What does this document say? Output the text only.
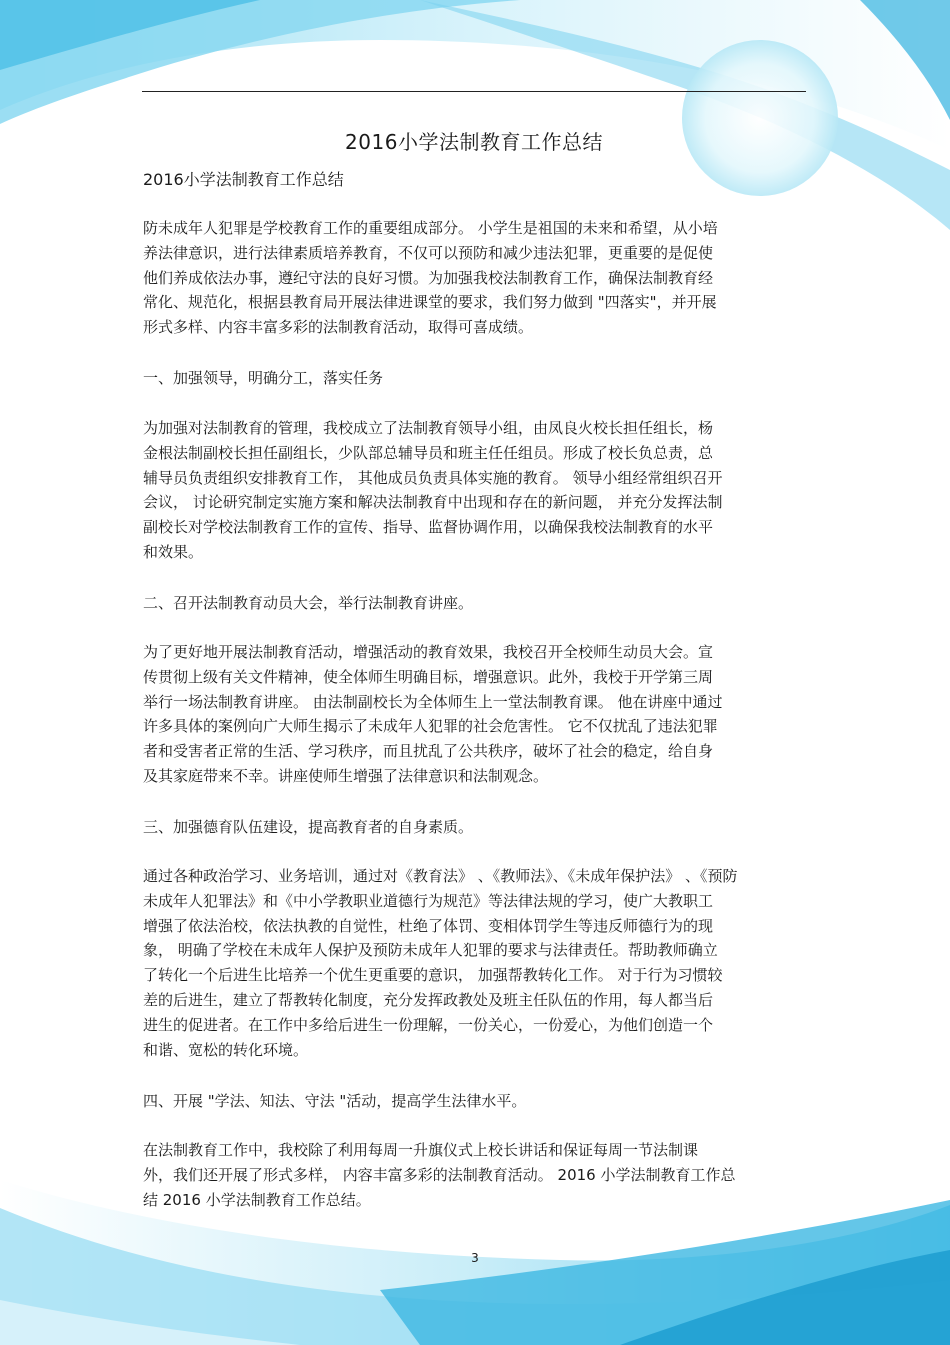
2016小学法制教育工作总结
2016小学法制教育工作总结
防未成年人犯罪是学校教育工作的重要组成部分。 小学生是祖国的未来和希望，从小培
养法律意识，进行法律素质培养教育，不仅可以预防和减少违法犯罪，更重要的是促使
他们养成依法办事，遵纪守法的良好习惯。为加强我校法制教育工作，确保法制教育经
常化、规范化，根据县教育局开展法律进课堂的要求，我们努力做到 "四落实"，并开展
形式多样、内容丰富多彩的法制教育活动，取得可喜成绩。
一、加强领导，明确分工，落实任务
为加强对法制教育的管理，我校成立了法制教育领导小组，由凤良火校长担任组长，杨
金根法制副校长担任副组长，少队部总辅导员和班主任任组员。形成了校长负总责，总
辅导员负责组织安排教育工作， 其他成员负责具体实施的教育。 领导小组经常组织召开
会议， 讨论研究制定实施方案和解决法制教育中出现和存在的新问题， 并充分发挥法制
副校长对学校法制教育工作的宣传、指导、监督协调作用，以确保我校法制教育的水平
和效果。
二、召开法制教育动员大会，举行法制教育讲座。
为了更好地开展法制教育活动，增强活动的教育效果，我校召开全校师生动员大会。宣
传贯彻上级有关文件精神，使全体师生明确目标，增强意识。此外，我校于开学第三周
举行一场法制教育讲座。 由法制副校长为全体师生上一堂法制教育课。 他在讲座中通过
许多具体的案例向广大师生揭示了未成年人犯罪的社会危害性。 它不仅扰乱了违法犯罪
者和受害者正常的生活、学习秩序，而且扰乱了公共秩序，破坏了社会的稳定，给自身
及其家庭带来不幸。讲座使师生增强了法律意识和法制观念。
三、加强德育队伍建设，提高教育者的自身素质。
通过各种政治学习、业务培训，通过对《教育法》 、《教师法》、《未成年保护法》 、《预防
未成年人犯罪法》和《中小学教职业道德行为规范》等法律法规的学习，使广大教职工
增强了依法治校，依法执教的自觉性，杜绝了体罚、变相体罚学生等违反师德行为的现
象， 明确了学校在未成年人保护及预防未成年人犯罪的要求与法律责任。帮助教师确立
了转化一个后进生比培养一个优生更重要的意识， 加强帮教转化工作。 对于行为习惯较
差的后进生，建立了帮教转化制度，充分发挥政教处及班主任队伍的作用，每人都当后
进生的促进者。在工作中多给后进生一份理解，一份关心，一份爱心，为他们创造一个
和谐、宽松的转化环境。
四、开展 "学法、知法、守法 "活动，提高学生法律水平。
在法制教育工作中，我校除了利用每周一升旗仪式上校长讲话和保证每周一节法制课
外，我们还开展了形式多样， 内容丰富多彩的法制教育活动。 2016 小学法制教育工作总
结 2016 小学法制教育工作总结。
3
